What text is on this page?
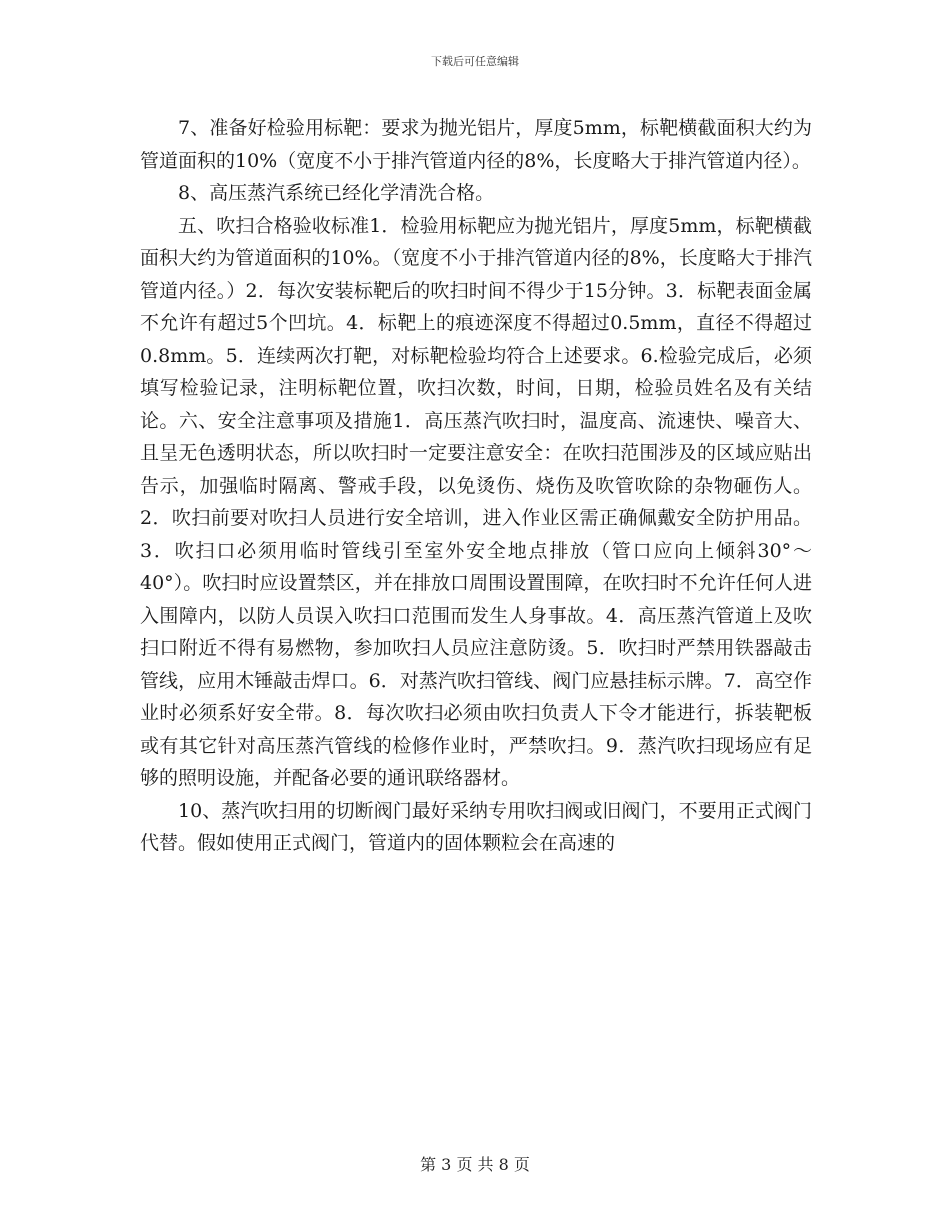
下载后可任意编辑

7、准备好检验用标靶：要求为抛光铝片，厚度5mm，标靶横截面积大约为管道面积的10%（宽度不小于排汽管道内径的8%，长度略大于排汽管道内径）。

8、高压蒸汽系统已经化学清洗合格。

五、吹扫合格验收标准1．检验用标靶应为抛光铝片，厚度5mm，标靶横截面积大约为管道面积的10%。（宽度不小于排汽管道内径的8%，长度略大于排汽管道内径。）2．每次安装标靶后的吹扫时间不得少于15分钟。3．标靶表面金属不允许有超过5个凹坑。4．标靶上的痕迹深度不得超过0.5mm，直径不得超过0.8mm。5．连续两次打靶，对标靶检验均符合上述要求。6.检验完成后，必须填写检验记录，注明标靶位置，吹扫次数，时间，日期，检验员姓名及有关结论。六、安全注意事项及措施1．高压蒸汽吹扫时，温度高、流速快、噪音大、且呈无色透明状态，所以吹扫时一定要注意安全：在吹扫范围涉及的区域应贴出告示，加强临时隔离、警戒手段，以免烫伤、烧伤及吹管吹除的杂物砸伤人。2．吹扫前要对吹扫人员进行安全培训，进入作业区需正确佩戴安全防护用品。3．吹扫口必须用临时管线引至室外安全地点排放（管口应向上倾斜30°～40°）。吹扫时应设置禁区，并在排放口周围设置围障，在吹扫时不允许任何人进入围障内，以防人员误入吹扫口范围而发生人身事故。4．高压蒸汽管道上及吹扫口附近不得有易燃物，参加吹扫人员应注意防烫。5．吹扫时严禁用铁器敲击管线，应用木锤敲击焊口。6．对蒸汽吹扫管线、阀门应悬挂标示牌。7．高空作业时必须系好安全带。8．每次吹扫必须由吹扫负责人下令才能进行，拆装靶板或有其它针对高压蒸汽管线的检修作业时，严禁吹扫。9．蒸汽吹扫现场应有足够的照明设施，并配备必要的通讯联络器材。

10、蒸汽吹扫用的切断阀门最好采纳专用吹扫阀或旧阀门，不要用正式阀门代替。假如使用正式阀门，管道内的固体颗粒会在高速的

第 3 页 共 8 页
